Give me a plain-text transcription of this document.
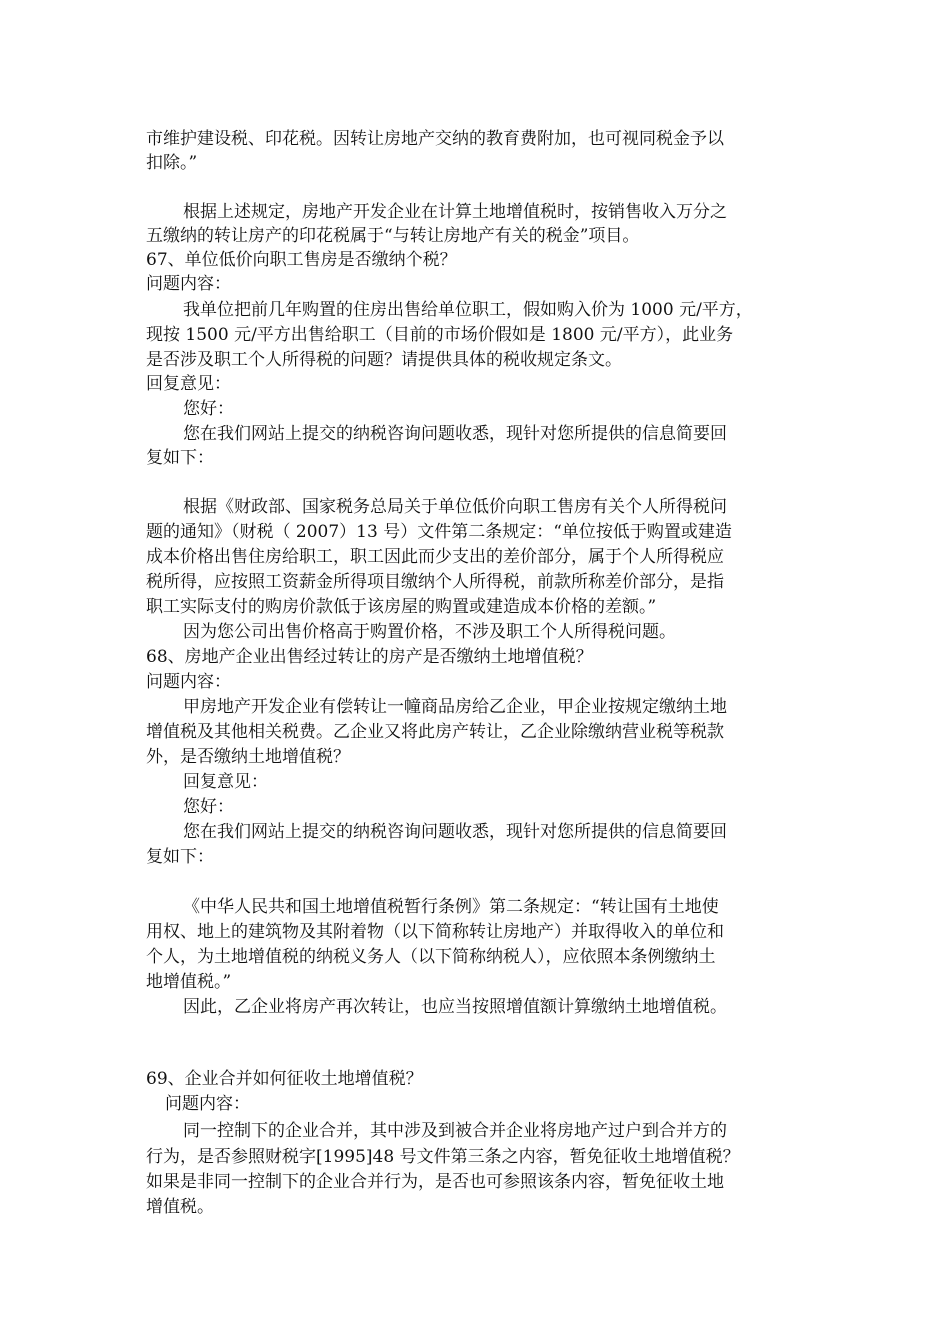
市维护建设税、印花税。因转让房地产交纳的教育费附加，也可视同税金予以

扣除。”

根据上述规定，房地产开发企业在计算土地增值税时，按销售收入万分之

五缴纳的转让房产的印花税属于“与转让房地产有关的税金”项目。

67、单位低价向职工售房是否缴纳个税？

问题内容：

我单位把前几年购置的住房出售给单位职工，假如购入价为 1000 元/平方，

现按 1500 元/平方出售给职工（目前的市场价假如是 1800 元/平方），此业务

是否涉及职工个人所得税的问题？请提供具体的税收规定条文。

回复意见：

您好：

您在我们网站上提交的纳税咨询问题收悉，现针对您所提供的信息简要回

复如下：

根据《财政部、国家税务总局关于单位低价向职工售房有关个人所得税问

题的通知》（财税（ 2007）13 号）文件第二条规定：“单位按低于购置或建造

成本价格出售住房给职工，职工因此而少支出的差价部分，属于个人所得税应

税所得，应按照工资薪金所得项目缴纳个人所得税，前款所称差价部分，是指

职工实际支付的购房价款低于该房屋的购置或建造成本价格的差额。”

因为您公司出售价格高于购置价格，不涉及职工个人所得税问题。

68、房地产企业出售经过转让的房产是否缴纳土地增值税？

问题内容：

甲房地产开发企业有偿转让一幢商品房给乙企业，甲企业按规定缴纳土地

增值税及其他相关税费。乙企业又将此房产转让，乙企业除缴纳营业税等税款

外，是否缴纳土地增值税？

回复意见：

您好：

您在我们网站上提交的纳税咨询问题收悉，现针对您所提供的信息简要回

复如下：

《中华人民共和国土地增值税暂行条例》第二条规定：“转让国有土地使

用权、地上的建筑物及其附着物（以下简称转让房地产）并取得收入的单位和

个人，为土地增值税的纳税义务人（以下简称纳税人），应依照本条例缴纳土

地增值税。”

因此，乙企业将房产再次转让，也应当按照增值额计算缴纳土地增值税。

69、企业合并如何征收土地增值税？

问题内容：

同一控制下的企业合并，其中涉及到被合并企业将房地产过户到合并方的

行为，是否参照财税字[1995]48 号文件第三条之内容，暂免征收土地增值税？

如果是非同一控制下的企业合并行为，是否也可参照该条内容，暂免征收土地

增值税。
